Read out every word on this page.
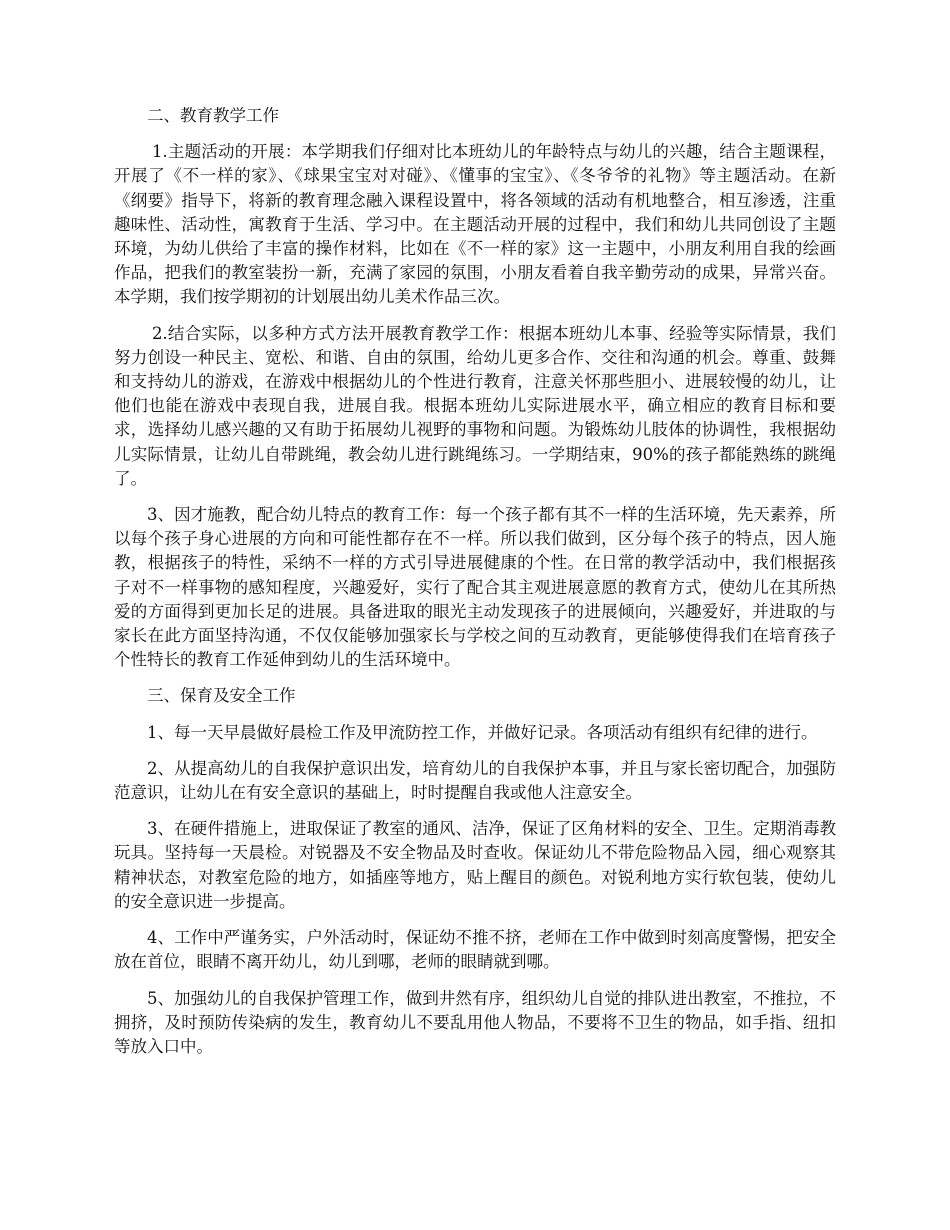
二、教育教学工作

1.主题活动的开展：本学期我们仔细对比本班幼儿的年龄特点与幼儿的兴趣，结合主题课程，开展了《不一样的家》、《球果宝宝对对碰》、《懂事的宝宝》、《冬爷爷的礼物》等主题活动。在新《纲要》指导下，将新的教育理念融入课程设置中，将各领域的活动有机地整合，相互渗透，注重趣味性、活动性，寓教育于生活、学习中。在主题活动开展的过程中，我们和幼儿共同创设了主题环境，为幼儿供给了丰富的操作材料，比如在《不一样的家》这一主题中，小朋友利用自我的绘画作品，把我们的教室装扮一新，充满了家园的氛围，小朋友看着自我辛勤劳动的成果，异常兴奋。本学期，我们按学期初的计划展出幼儿美术作品三次。

2.结合实际，以多种方式方法开展教育教学工作：根据本班幼儿本事、经验等实际情景，我们努力创设一种民主、宽松、和谐、自由的氛围，给幼儿更多合作、交往和沟通的机会。尊重、鼓舞和支持幼儿的游戏，在游戏中根据幼儿的个性进行教育，注意关怀那些胆小、进展较慢的幼儿，让他们也能在游戏中表现自我，进展自我。根据本班幼儿实际进展水平，确立相应的教育目标和要求，选择幼儿感兴趣的又有助于拓展幼儿视野的事物和问题。为锻炼幼儿肢体的协调性，我根据幼儿实际情景，让幼儿自带跳绳，教会幼儿进行跳绳练习。一学期结束，90%的孩子都能熟练的跳绳了。

3、因才施教，配合幼儿特点的教育工作：每一个孩子都有其不一样的生活环境，先天素养，所以每个孩子身心进展的方向和可能性都存在不一样。所以我们做到，区分每个孩子的特点，因人施教，根据孩子的特性，采纳不一样的方式引导进展健康的个性。在日常的教学活动中，我们根据孩子对不一样事物的感知程度，兴趣爱好，实行了配合其主观进展意愿的教育方式，使幼儿在其所热爱的方面得到更加长足的进展。具备进取的眼光主动发现孩子的进展倾向，兴趣爱好，并进取的与家长在此方面坚持沟通，不仅仅能够加强家长与学校之间的互动教育，更能够使得我们在培育孩子个性特长的教育工作延伸到幼儿的生活环境中。

三、保育及安全工作

1、每一天早晨做好晨检工作及甲流防控工作，并做好记录。各项活动有组织有纪律的进行。

2、从提高幼儿的自我保护意识出发，培育幼儿的自我保护本事，并且与家长密切配合，加强防范意识，让幼儿在有安全意识的基础上，时时提醒自我或他人注意安全。

3、在硬件措施上，进取保证了教室的通风、洁净，保证了区角材料的安全、卫生。定期消毒教玩具。坚持每一天晨检。对锐器及不安全物品及时查收。保证幼儿不带危险物品入园，细心观察其精神状态，对教室危险的地方，如插座等地方，贴上醒目的颜色。对锐利地方实行软包装，使幼儿的安全意识进一步提高。

4、工作中严谨务实，户外活动时，保证幼不推不挤，老师在工作中做到时刻高度警惕，把安全放在首位，眼睛不离开幼儿，幼儿到哪，老师的眼睛就到哪。

5、加强幼儿的自我保护管理工作，做到井然有序，组织幼儿自觉的排队进出教室，不推拉，不拥挤，及时预防传染病的发生，教育幼儿不要乱用他人物品，不要将不卫生的物品，如手指、纽扣等放入口中。
